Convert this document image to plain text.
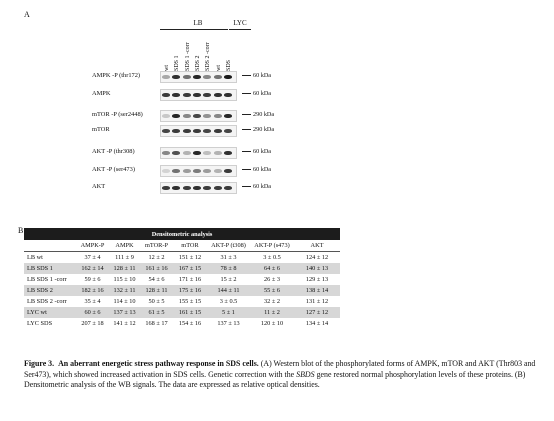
A
LB	LYC
wt SDS 1 SDS 1 -corr SDS 2 SDS 2 -corr wt SDS
AMPK -P (thr172)	60 kDa
AMPK	60 kDa
mTOR -P (ser2448)	290 kDa
mTOR	290 kDa
AKT -P (thr308)	60 kDa
AKT -P (ser473)	60 kDa
AKT	60 kDa
B	Densitometric analysis							
	AMPK-P	AMPK	mTOR-P	mTOR	AKT-P (t308)	AKT-P (s473)	AKT
LB wt	37 ± 4	111 ± 9	12 ± 2	151 ± 12	31 ± 3	3 ± 0.5	124 ± 12
LB SDS 1	162 ± 14	128 ± 11	161 ± 16	167 ± 15	78 ± 8	64 ± 6	140 ± 13
LB SDS 1 -corr	59 ± 6	115 ± 10	54 ± 6	171 ± 16	15 ± 2	26 ± 3	129 ± 13
LB SDS 2	182 ± 16	132 ± 11	128 ± 11	175 ± 16	144 ± 11	55 ± 6	138 ± 14
LB SDS 2 -corr	35 ± 4	114 ± 10	50 ± 5	155 ± 15	3 ± 0.5	32 ± 2	131 ± 12
LYC wt	60 ± 6	137 ± 13	61 ± 5	161 ± 15	5 ± 1	11 ± 2	127 ± 12
LYC SDS	207 ± 18	141 ± 12	168 ± 17	154 ± 16	137 ± 13	120 ± 10	134 ± 14
Figure 3. An aberrant energetic stress pathway response in SDS cells. (A) Western blot of the phosphorylated forms of AMPK, mTOR and AKT (Thr803 and Ser473), which showed increased activation in SDS cells. Genetic correction with the SBDS gene restored normal phosphorylation levels of these proteins. (B) Densitometric analysis of the WB signals. The data are expressed as relative optical densities.
